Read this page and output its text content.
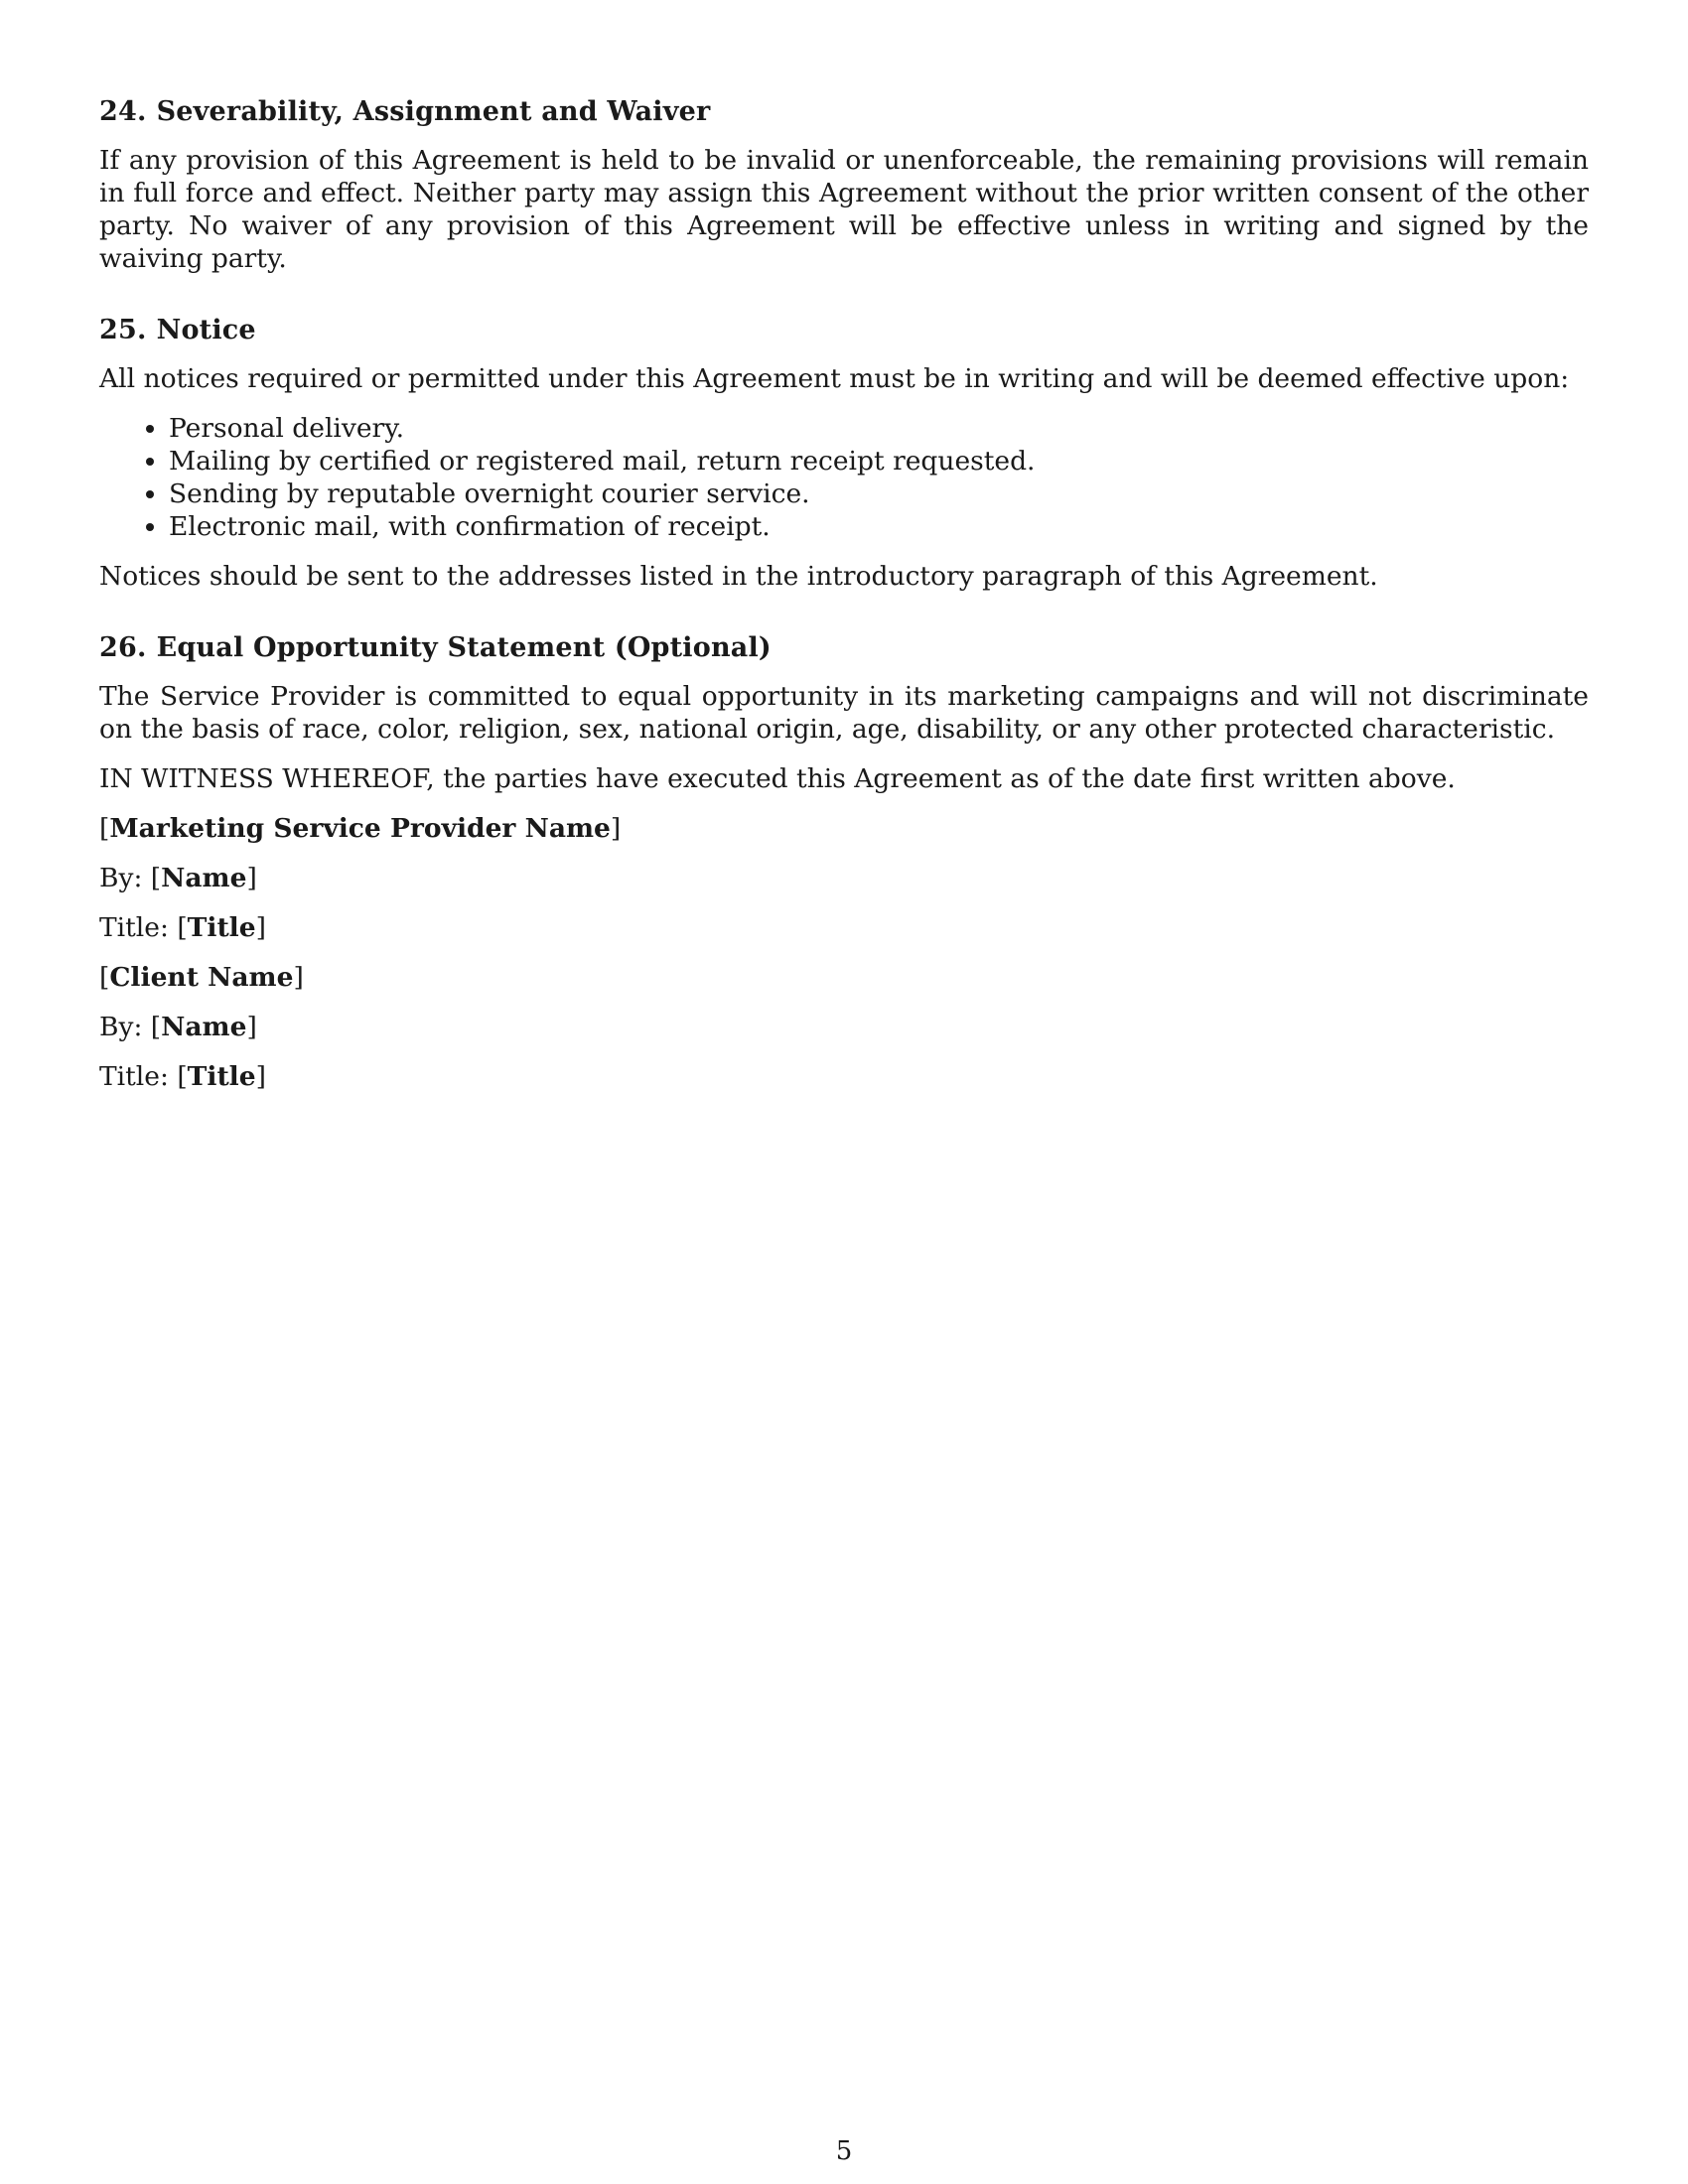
24. Severability, Assignment and Waiver

If any provision of this Agreement is held to be invalid or unenforceable, the remaining provisions will remain in full force and effect. Neither party may assign this Agreement without the prior written consent of the other party. No waiver of any provision of this Agreement will be effective unless in writing and signed by the waiving party.

25. Notice

All notices required or permitted under this Agreement must be in writing and will be deemed effective upon:

• Personal delivery.
• Mailing by certified or registered mail, return receipt requested.
• Sending by reputable overnight courier service.
• Electronic mail, with confirmation of receipt.

Notices should be sent to the addresses listed in the introductory paragraph of this Agreement.

26. Equal Opportunity Statement (Optional)

The Service Provider is committed to equal opportunity in its marketing campaigns and will not discriminate on the basis of race, color, religion, sex, national origin, age, disability, or any other protected characteristic.

IN WITNESS WHEREOF, the parties have executed this Agreement as of the date first written above.

[Marketing Service Provider Name]
By: [Name]
Title: [Title]
[Client Name]
By: [Name]
Title: [Title]
5
